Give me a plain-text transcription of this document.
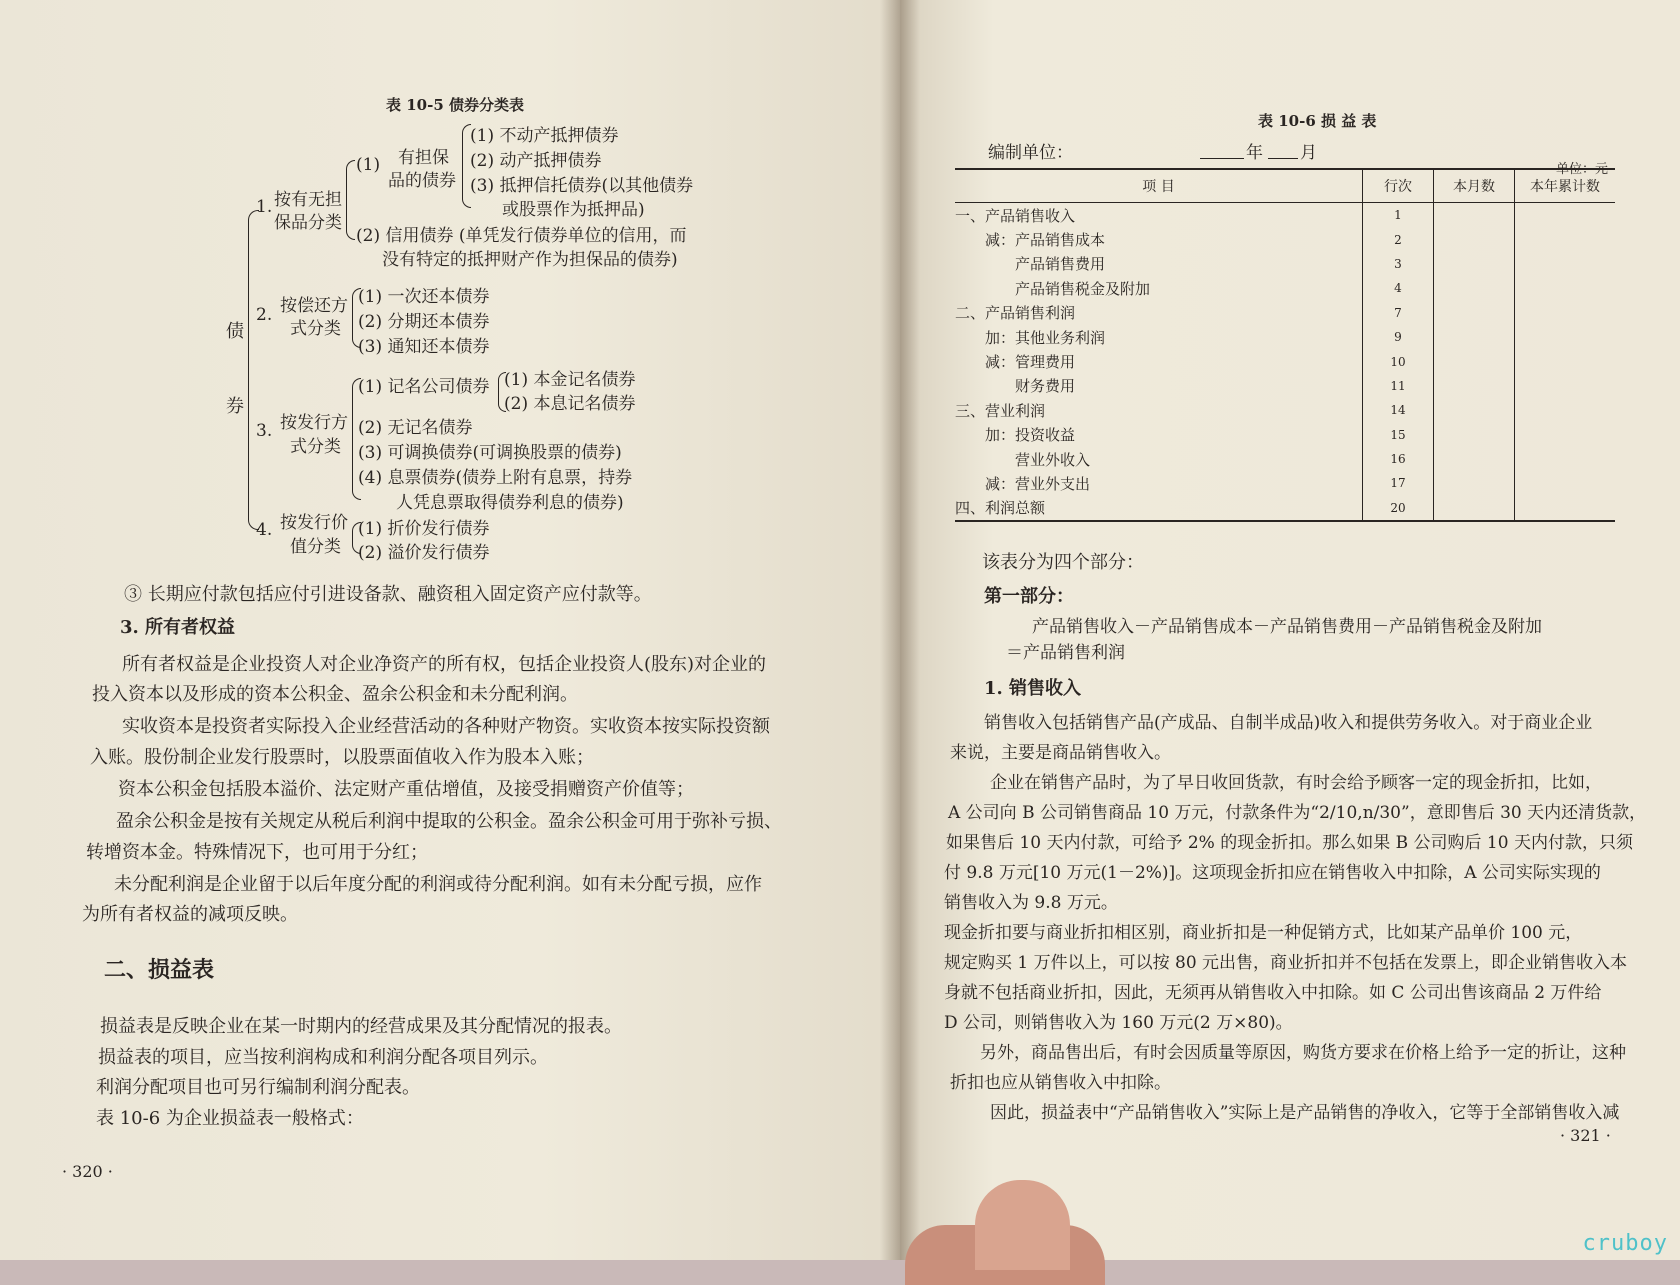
表 10-5 债券分类表
债
券
1. 按有无担
保品分类
(1) 有担保
品的债券
(1) 不动产抵押债券
(2) 动产抵押债券
(3) 抵押信托债券(以其他债券
或股票作为抵押品)
(2) 信用债券 (单凭发行债券单位的信用，而
没有特定的抵押财产作为担保品的债券)
2. 按偿还方
式分类
(1) 一次还本债券
(2) 分期还本债券
(3) 通知还本债券
3. 按发行方
式分类
(1) 记名公司债券 (1) 本金记名债券
(2) 本息记名债券
(2) 无记名债券
(3) 可调换债券(可调换股票的债券)
(4) 息票债券(债券上附有息票，持券
人凭息票取得债券利息的债券)
4. 按发行价
值分类
(1) 折价发行债券
(2) 溢价发行债券
③ 长期应付款包括应付引进设备款、融资租入固定资产应付款等。
3. 所有者权益
所有者权益是企业投资人对企业净资产的所有权，包括企业投资人(股东)对企业的
投入资本以及形成的资本公积金、盈余公积金和未分配利润。
实收资本是投资者实际投入企业经营活动的各种财产物资。实收资本按实际投资额
入账。股份制企业发行股票时，以股票面值收入作为股本入账；
资本公积金包括股本溢价、法定财产重估增值，及接受捐赠资产价值等；
盈余公积金是按有关规定从税后利润中提取的公积金。盈余公积金可用于弥补亏损、
转增资本金。特殊情况下，也可用于分红；
未分配利润是企业留于以后年度分配的利润或待分配利润。如有未分配亏损，应作
为所有者权益的减项反映。
二、损益表
损益表是反映企业在某一时期内的经营成果及其分配情况的报表。
损益表的项目，应当按利润构成和利润分配各项目列示。
利润分配项目也可另行编制利润分配表。
表 10-6 为企业损益表一般格式：
· 320 ·
表 10-6 损 益 表
编制单位：	年 月
单位：元
项 目	行次	本月数	本年累计数
一、产品销售收入	1		
　　减：产品销售成本	2		
　　　　产品销售费用	3		
　　　　产品销售税金及附加	4		
二、产品销售利润	7		
　　加：其他业务利润	9		
　　减：管理费用	10		
　　　　财务费用	11		
三、营业利润	14		
　　加：投资收益	15		
　　　　营业外收入	16		
　　减：营业外支出	17		
四、利润总额	20		
该表分为四个部分：
第一部分：
产品销售收入－产品销售成本－产品销售费用－产品销售税金及附加
＝产品销售利润
1. 销售收入
销售收入包括销售产品(产成品、自制半成品)收入和提供劳务收入。对于商业企业
来说，主要是商品销售收入。
企业在销售产品时，为了早日收回货款，有时会给予顾客一定的现金折扣，比如，
A 公司向 B 公司销售商品 10 万元，付款条件为“2/10,n/30”，意即售后 30 天内还清货款，
如果售后 10 天内付款，可给予 2% 的现金折扣。那么如果 B 公司购后 10 天内付款，只须
付 9.8 万元[10 万元(1－2%)]。这项现金折扣应在销售收入中扣除，A 公司实际实现的
销售收入为 9.8 万元。
现金折扣要与商业折扣相区别，商业折扣是一种促销方式，比如某产品单价 100 元，
规定购买 1 万件以上，可以按 80 元出售，商业折扣并不包括在发票上，即企业销售收入本
身就不包括商业折扣，因此，无须再从销售收入中扣除。如 C 公司出售该商品 2 万件给
D 公司，则销售收入为 160 万元(2 万×80)。
另外，商品售出后，有时会因质量等原因，购货方要求在价格上给予一定的折让，这种
折扣也应从销售收入中扣除。
因此，损益表中“产品销售收入”实际上是产品销售的净收入，它等于全部销售收入减
· 321 ·
cruboy
